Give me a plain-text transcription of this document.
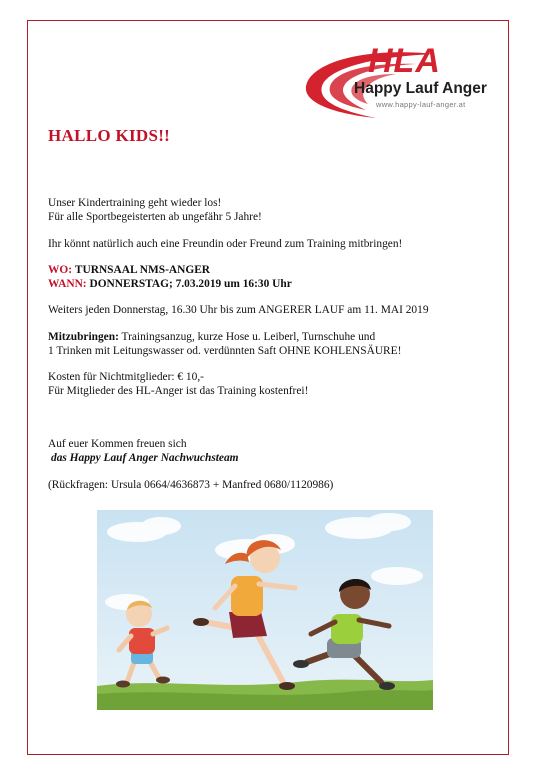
HLA
Happy Lauf Anger
www.happy-lauf-anger.at
HALLO KIDS!!

Unser Kindertraining geht wieder los!

Für alle Sportbegeisterten ab ungefähr 5 Jahre!

Ihr könnt natürlich auch eine Freundin oder Freund zum Training mitbringen!

WO: TURNSAAL NMS-ANGER

WANN: DONNERSTAG; 7.03.2019 um 16:30 Uhr

Weiters jeden Donnerstag, 16.30 Uhr bis zum ANGERER LAUF am 11. MAI 2019

Mitzubringen: Trainingsanzug, kurze Hose u. Leiberl, Turnschuhe und

1 Trinken mit Leitungswasser od. verdünnten Saft OHNE KOHLENSÄURE!

Kosten für Nichtmitglieder: € 10,-

Für Mitglieder des HL-Anger ist das Training kostenfrei!

Auf euer Kommen freuen sich

das Happy Lauf Anger Nachwuchsteam

(Rückfragen: Ursula 0664/4636873 + Manfred 0680/1120986)
